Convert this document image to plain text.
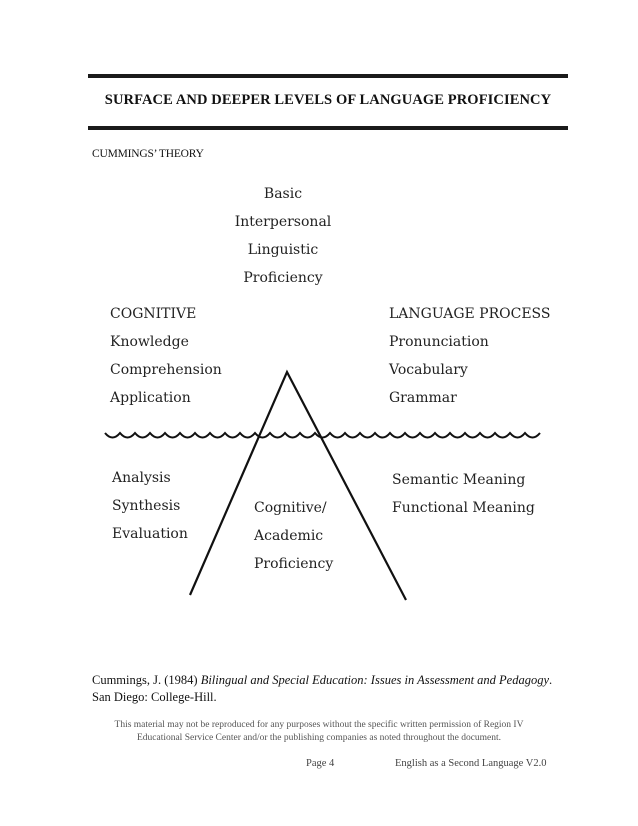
SURFACE AND DEEPER LEVELS OF LANGUAGE PROFICIENCY
CUMMINGS’ THEORY
Basic
Interpersonal
Linguistic
Proficiency
COGNITIVE
Knowledge
Comprehension
Application
LANGUAGE PROCESS
Pronunciation
Vocabulary
Grammar
Analysis
Synthesis
Evaluation
Cognitive/
Academic
Proficiency
Semantic Meaning
Functional Meaning
Cummings, J. (1984) Bilingual and Special Education: Issues in Assessment and Pedagogy.
San Diego: College-Hill.
This material may not be reproduced for any purposes without the specific written permission of Region IV Educational Service Center and/or the publishing companies as noted throughout the document.
Page 4	English as a Second Language V2.0
